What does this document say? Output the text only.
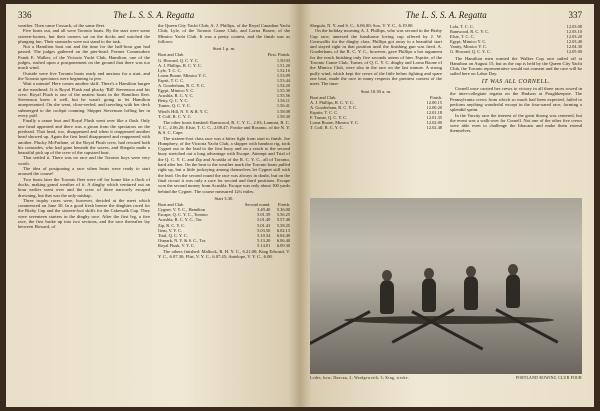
336	The L. S. S. A. Regatta

weather. Then came Cossack, of the same fleet.

Five boats out, and all were Toronto boats. By the start were some sixteen-footers, but their owners sat on the docks and watched the plunging fun. Their stomachs were not stand to the task.

Not a Hamilton boat out and the time for the half-hour gun had passed. The judges gathered on the pier-head. Former Commodore Frank E. Walker, of the Victoria Yacht Club, Hamilton, one of the judges, rushed upon a postponement on the ground that there was too much wind.

Outside were five Toronto boats ready and anxious for a start, and the Toronto spectators were beginning to jeer.

Wait a minute! Here comes another skiff. There's a Hamilton burgee at the masthead. It is Royal Flush and plucky 'Bill' Stevenson and his crew. Royal Flush is one of the neatest boats in the Hamilton fleet. Stevenson knew it well, but he wasn't going to let Hamilton unrepresented. On she went, close-reefed, and traveling with her deck submerged to the cockpit coaming. Skipper Stevenson loffing her in every puff.

Finally a canoe hurt and Royal Flush went over like a flash. Only one head appeared and there was a groan from the spectators on the pierhead. That head, too, disappeared and when it reappeared another head showed up. Again the first head disappeared and reappeared with another. Plucky McFarlane, of the Royal Flush crew, had rescued both his comrades, who had gone beneath the waves, and Shegula made a beautiful pick up of the crew of the capsized boat.

That settled it. There was no race and the Toronto boys were very wroth.

The idea of postponing a race when boats were ready to start aroused the course!

Two boats later the Toronto fleet were off for home like a flock of ducks, making grand weather of it. A dinghy which ventured out an hour earlier went over and the crew of three narrowly escaped drowning, but that was the only mishap.

Three trophy races were, however, decided at the meet which commenced on June 30. In a good fresh breeze the dinghies raced for the Bixby Cup and the sixteen-foot skiffs for the Cakewalk Cup. They were seventeen starters in the dinghy race. After the first leg, a five race, the first broke up into two sections, and the race thereafter lay between Howard, of

the Queen City Yacht Club; A. J. Phillips, of the Royal Canadian Yacht Club; Lyle, of the Toronto Canoe Club, and Lorna Boone, of the Mimico Yacht Club. It was a pretty contest, and the finish was as follows:

Start 1 p. m.
Boat and Club	First. Finish.
G. Howard, Q. C. Y. C.	1.50.03
A. J. Phillips, R. C. Y. C.	1.51.20
Lyle, T. C. C.	1.52.16
Lorna Boone, Mimico Y. C.	1.53.09
Esprit, T. C. C.	1.53.44
A. Gooderham, R. C. Y. C.	1.54.20
Egypt, Mimico Y. C.	1.55.30
Acushla, R. C. Y. C.	1.55.56
Betty, Q. C. Y. C.	1.56.11
Turner, Q. C. Y. C.	1.56.41
Wind's Hill, N. Y. & R. Y. C.	1.58.08
T. Coff, R. C. Y. C.	1.58.30

The other boats finished: Ramwood, R. C. Y. C., 2.03; Lamont, R. C. Y. C., 2.06.20; Elsie, T. C. C., 2.08.47; Fowke and Rosamo, of the N. Y. & S. C. Cape.

The sixteen-foot class race was a bitter fight from start to finish. Joe Humphrey, of the Victoria Yacht Club, a skipper with bamboo rig, took Cygnet out to the lead to the first buoy and on a reach to the second buoy stretched out a long advantage with Escape, Attempt and Trial of the Q. C. Y. C. and Zip and Acushla of the R. C. Y. C., all of Toronto, hard after her. On the beat to the weather mark the Toronto boats pulled right up, but a little jockeying among themselves let Cygnet still with the lead. On the second round the race was always in doubt, but on the final circuit it was only a race for second and third positions. Escape won the second money from Acushla. Escape was only about 100 yards behind the Cygnet. The course measured 12¼ miles.

Start 3.30.
Boat and Club	Second round.	Finish.
Cygnet, V. Y. C., Hamilton	3.49.40	5.36.00
Escape, Q. C. Y. C., Toronto	5.01.39	5.56.25
Acushla, R. C. Y. C., Tor.	5.01.40	5.57.40
Zip, R. C. Y. C.	5.01.43	5.58.25
Gem, V. Y. C.	5.03.50	6.02.13
Trial, Q. C. Y. C.	5.10.34	6.04.40
Osmark, N. Y. & S. C., Tor.	5.13.20	6.06.40
Royal Flush, V. Y. C.	5.14.01	6.09.30

The others finished: Mallock, R. H. Y. C., 6.21.00; King Edward, V. Y. C., 6.07.30; Flirt, V. Y. C., 6.07.45; Antelope, V. Y. C., 6.08.

The L. S. S. A. Regatta	337

Shegula, N. Y. and S. C., 6.06.00; Sox, V. Y. C., 6.19.00.

On the holiday morning A. J. Phillips, who was second in the Bixby Cup race, annexed the handsome loving cup offered by J. W. Cornwallis for the dinghy class. Phillips got away to a beautiful start and stayed right in that position until the finishing gun was fired. A. Gooderham, of the R. C. Y. C., however, gave Phillips a hot argument for the reach finishing only five seconds astern of him. Esprite, of the Toronto Canoe Club, Turner, of Q. C. Y. C. dinghy and Lorna Boone of the Mimico Club, were also in the race on the last minute. A strong puffy wind, which kept the crews of the little helms fighting and spare one boat, made the race in many respects the prettiest contest of the meet. The time:

Start 10.30 a. m.
Boat and Club.	Finish.
A. J. Phillips, R. C. Y. C.	12.00.15
A. Gooderham, R. C. Y. C.	12.00.20
Esprite, T. C. C.	12.01.18
F. Turner, Q. C. Y. C.	12.01.35
Lorna Boone, Mimico Y. C.	12.02.00
T. Coff, R. C. Y. C.	12.02.48
Lola, T. C. C.	12.03.08
Ramwood, R. C. Y. C.	12.03.10
Elsie, T. C. C.	12.03.20
Egypt, Mimico Y. C.	12.03.40
Vanity, Mimico Y. C.	12.04.30
G. Howard, Q. C. Y. C.	12.05.00

The Hamilton men wanted the Walker Cup race sailed off at Hamilton on August 15, but as the cup is held by the Queen City Yacht Club, the Toronto representative would not consent and the race will be sailed here on Labor Day.

IT WAS ALL CORNELL.

Cornell once carried her crews to victory in all three races rowed in the inter-collegiate regatta on the Hudson at Poughkeepsie. The Pennsylvania crews from which so much had been expected, failed to perform anything wonderful except in the four-oared race, forming a splendid sprint.

In the Varsity race the interest of the great throng was centered, but the event was a walk-over for Cornell. Not one of the other five crews were able even to challenge the Ithacans and make them extend themselves.

Lodes, bow; Duncan, 2; Wardgeworth, 3; King, stroke.	PORTLAND ROWING CLUB FOUR
